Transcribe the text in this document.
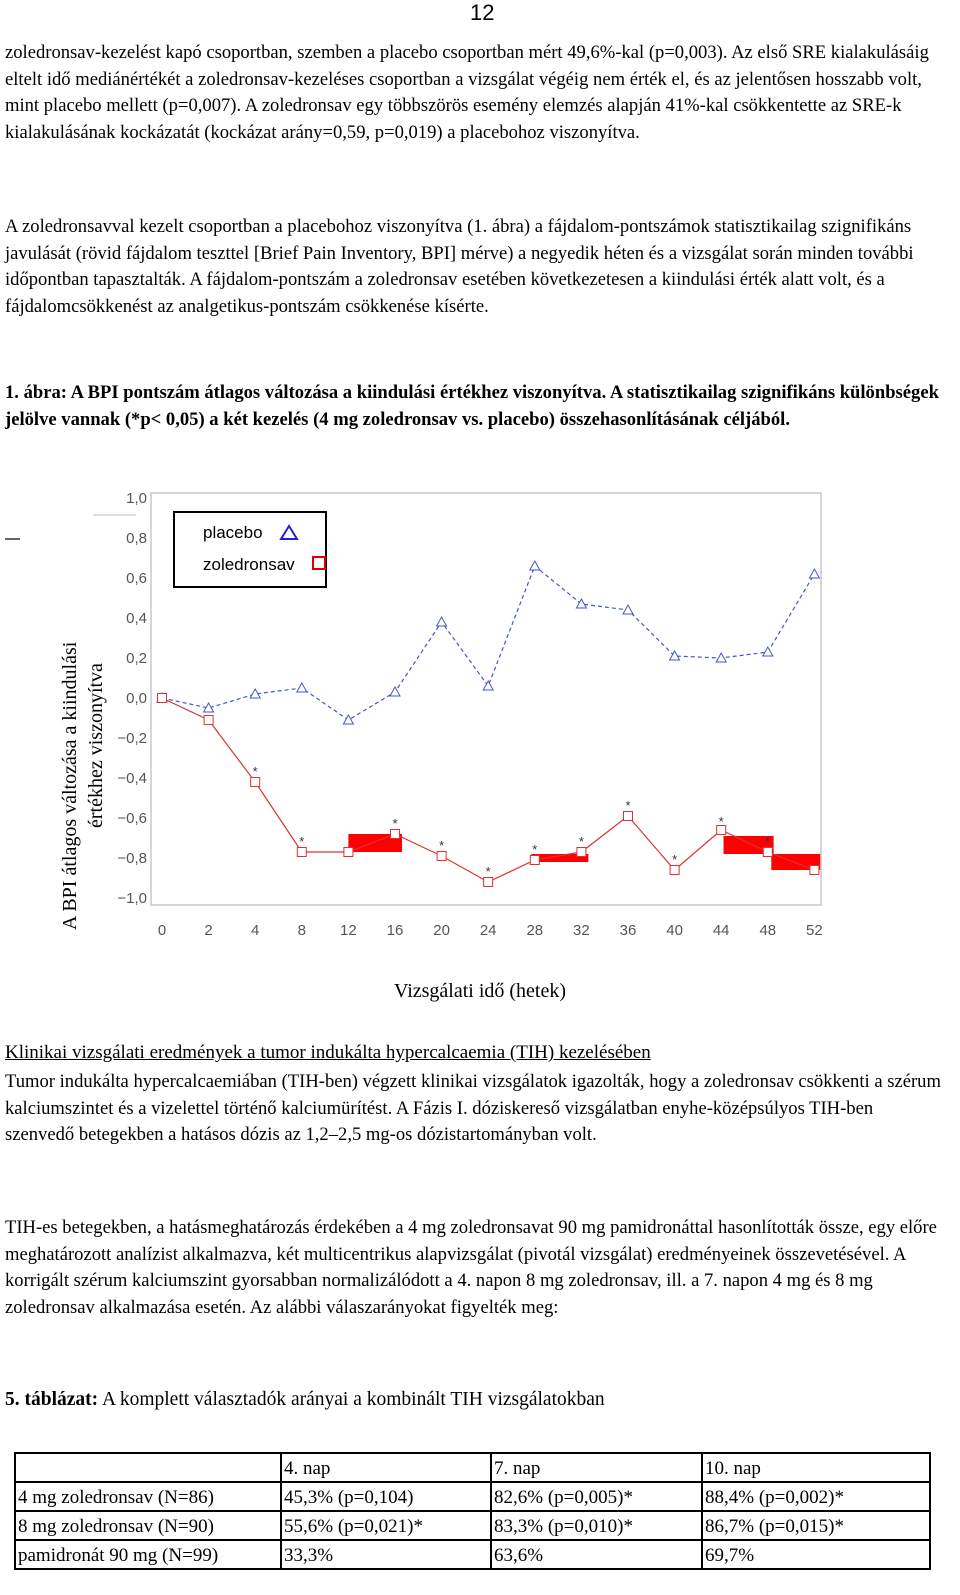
12

zoledronsav-kezelést kapó csoportban, szemben a placebo csoportban mért 49,6%-kal (p=0,003). Az első SRE kialakulásáig eltelt idő mediánértékét a zoledronsav-kezeléses csoportban a vizsgálat végéig nem érték el, és az jelentősen hosszabb volt, mint placebo mellett (p=0,007). A zoledronsav egy többszörös esemény elemzés alapján 41%-kal csökkentette az SRE-k kialakulásának kockázatát (kockázat arány=0,59, p=0,019) a placebohoz viszonyítva.

A zoledronsavval kezelt csoportban a placebohoz viszonyítva (1. ábra) a fájdalom-pontszámok statisztikailag szignifikáns javulását (rövid fájdalom teszttel [Brief Pain Inventory, BPI] mérve) a negyedik héten és a vizsgálat során minden további időpontban tapasztalták. A fájdalom-pontszám a zoledronsav esetében következetesen a kiindulási érték alatt volt, és a fájdalomcsökkenést az analgetikus-pontszám csökkenése kísérte.

1. ábra: A BPI pontszám átlagos változása a kiindulási értékhez viszonyítva. A statisztikailag szignifikáns különbségek jelölve vannak (*p< 0,05) a két kezelés (4 mg zoledronsav vs. placebo) összehasonlításának céljából.

A BPI átlagos változása a kiindulási értékhez viszonyítva
1,0
0,8
0,6
0,4
0,2
0,0
−0,2
−0,4
−0,6
−0,8
−1,0
0	2	4	8 12 16 20 24 28 32 36 40 44 48 52
*
*
*
*
*
*
*
*
*
*
*
placebo
zoledronsav
Vizsgálati idő (hetek)

Klinikai vizsgálati eredmények a tumor indukálta hypercalcaemia (TIH) kezelésében

Tumor indukálta hypercalcaemiában (TIH-ben) végzett klinikai vizsgálatok igazolták, hogy a zoledronsav csökkenti a szérum kalciumszintet és a vizelettel történő kalciumürítést. A Fázis I. dóziskereső vizsgálatban enyhe-középsúlyos TIH-ben szenvedő betegekben a hatásos dózis az 1,2–2,5 mg-os dózistartományban volt.

TIH-es betegekben, a hatásmeghatározás érdekében a 4 mg zoledronsavat 90 mg pamidronáttal hasonlították össze, egy előre meghatározott analízist alkalmazva, két multicentrikus alapvizsgálat (pivotál vizsgálat) eredményeinek összevetésével. A korrigált szérum kalciumszint gyorsabban normalizálódott a 4. napon 8 mg zoledronsav, ill. a 7. napon 4 mg és 8 mg zoledronsav alkalmazása esetén. Az alábbi válaszarányokat figyelték meg:

5. táblázat: A komplett választadók arányai a kombinált TIH vizsgálatokban

	4. nap	7. nap	10. nap
4 mg zoledronsav (N=86)	45,3% (p=0,104)	82,6% (p=0,005)*	88,4% (p=0,002)*
8 mg zoledronsav (N=90)	55,6% (p=0,021)*	83,3% (p=0,010)*	86,7% (p=0,015)*
pamidronát 90 mg (N=99)	33,3%	63,6%	69,7%
